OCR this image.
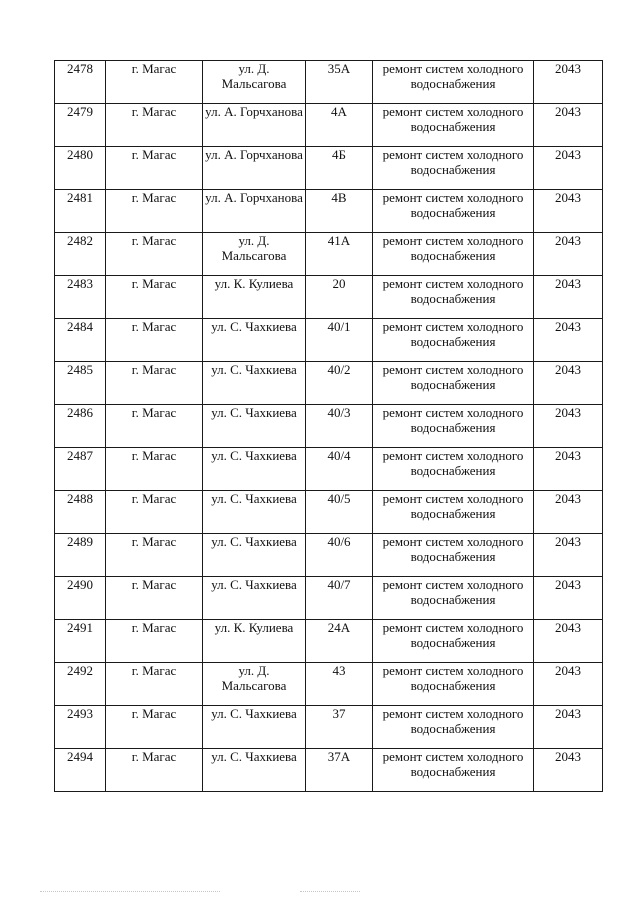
2478	г. Магас	ул. Д. Мальсагова	35А	ремонт систем холодного водоснабжения	2043
2479	г. Магас	ул. А. Горчханова	4А	ремонт систем холодного водоснабжения	2043
2480	г. Магас	ул. А. Горчханова	4Б	ремонт систем холодного водоснабжения	2043
2481	г. Магас	ул. А. Горчханова	4В	ремонт систем холодного водоснабжения	2043
2482	г. Магас	ул. Д. Мальсагова	41А	ремонт систем холодного водоснабжения	2043
2483	г. Магас	ул. К. Кулиева	20	ремонт систем холодного водоснабжения	2043
2484	г. Магас	ул. С. Чахкиева	40/1	ремонт систем холодного водоснабжения	2043
2485	г. Магас	ул. С. Чахкиева	40/2	ремонт систем холодного водоснабжения	2043
2486	г. Магас	ул. С. Чахкиева	40/3	ремонт систем холодного водоснабжения	2043
2487	г. Магас	ул. С. Чахкиева	40/4	ремонт систем холодного водоснабжения	2043
2488	г. Магас	ул. С. Чахкиева	40/5	ремонт систем холодного водоснабжения	2043
2489	г. Магас	ул. С. Чахкиева	40/6	ремонт систем холодного водоснабжения	2043
2490	г. Магас	ул. С. Чахкиева	40/7	ремонт систем холодного водоснабжения	2043
2491	г. Магас	ул. К. Кулиева	24А	ремонт систем холодного водоснабжения	2043
2492	г. Магас	ул. Д. Мальсагова	43	ремонт систем холодного водоснабжения	2043
2493	г. Магас	ул. С. Чахкиева	37	ремонт систем холодного водоснабжения	2043
2494	г. Магас	ул. С. Чахкиева	37А	ремонт систем холодного водоснабжения	2043
